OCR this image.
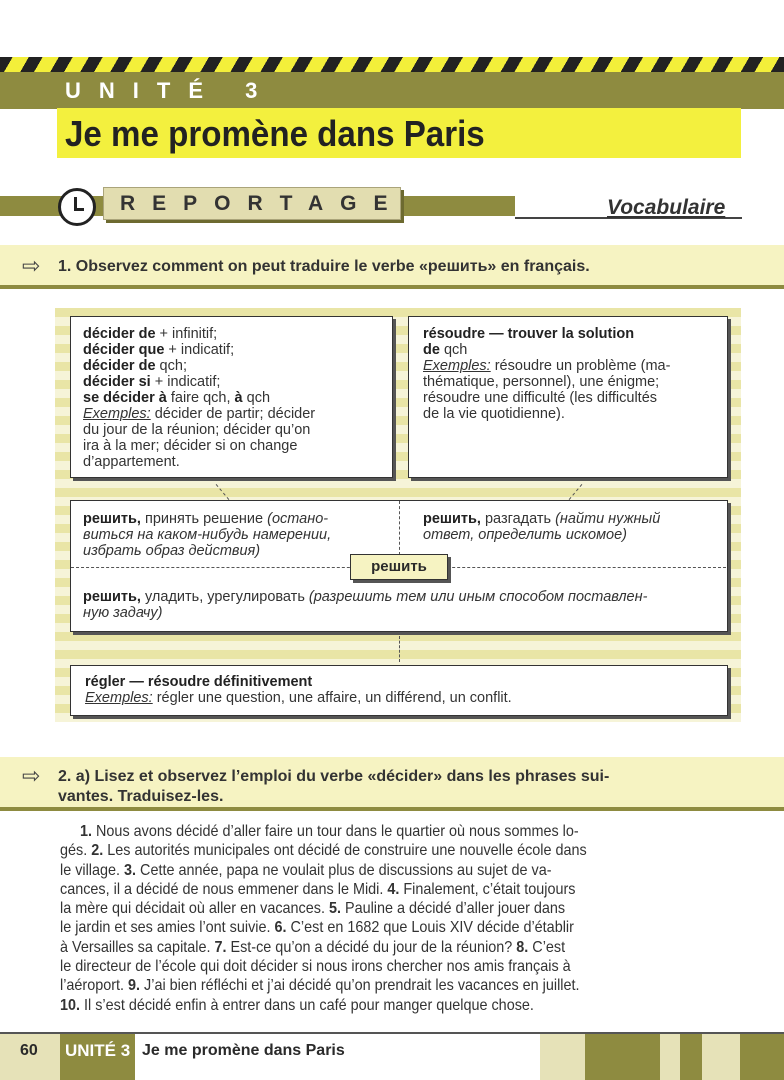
UNITÉ 3
Je me promène dans Paris
REPORTAGE	Vocabulaire
⇨ 1. Observez comment on peut traduire le verbe «решить» en français.
décider de + infinitif;
décider que + indicatif;
décider de qch;
décider si + indicatif;
se décider à faire qch, à qch
Exemples: décider de partir; décider
du jour de la réunion; décider qu’on
ira à la mer; décider si on change
d’appartement.
résoudre — trouver la solution
de qch
Exemples: résoudre un problème (ma-
thématique, personnel), une énigme;
résoudre une difficulté (les difficultés
de la vie quotidienne).
решить, принять решение (остано-
виться на каком-нибудь намерении,
избрать образ действия)
решить, разгадать (найти нужный
ответ, определить искомое)
решить, уладить, урегулировать (разрешить тем или иным способом поставлен-
ную задачу)
решить
régler — résoudre définitivement
Exemples: régler une question, une affaire, un différend, un conflit.
⇨ 2. a) Lisez et observez l’emploi du verbe «décider» dans les phrases sui-
vantes. Traduisez-les.
1. Nous avons décidé d’aller faire un tour dans le quartier où nous sommes lo-
gés. 2. Les autorités municipales ont décidé de construire une nouvelle école dans
le village. 3. Cette année, papa ne voulait plus de discussions au sujet de va-
cances, il a décidé de nous emmener dans le Midi. 4. Finalement, c’était toujours
la mère qui décidait où aller en vacances. 5. Pauline a décidé d’aller jouer dans
le jardin et ses amies l’ont suivie. 6. C’est en 1682 que Louis XIV décide d’établir
à Versailles sa capitale. 7. Est-ce qu’on a décidé du jour de la réunion? 8. C’est
le directeur de l’école qui doit décider si nous irons chercher nos amis français à
l’aéroport. 9. J’ai bien réfléchi et j’ai décidé qu’on prendrait les vacances en juillet.
10. Il s’est décidé enfin à entrer dans un café pour manger quelque chose.
60 UNITÉ 3 Je me promène dans Paris
